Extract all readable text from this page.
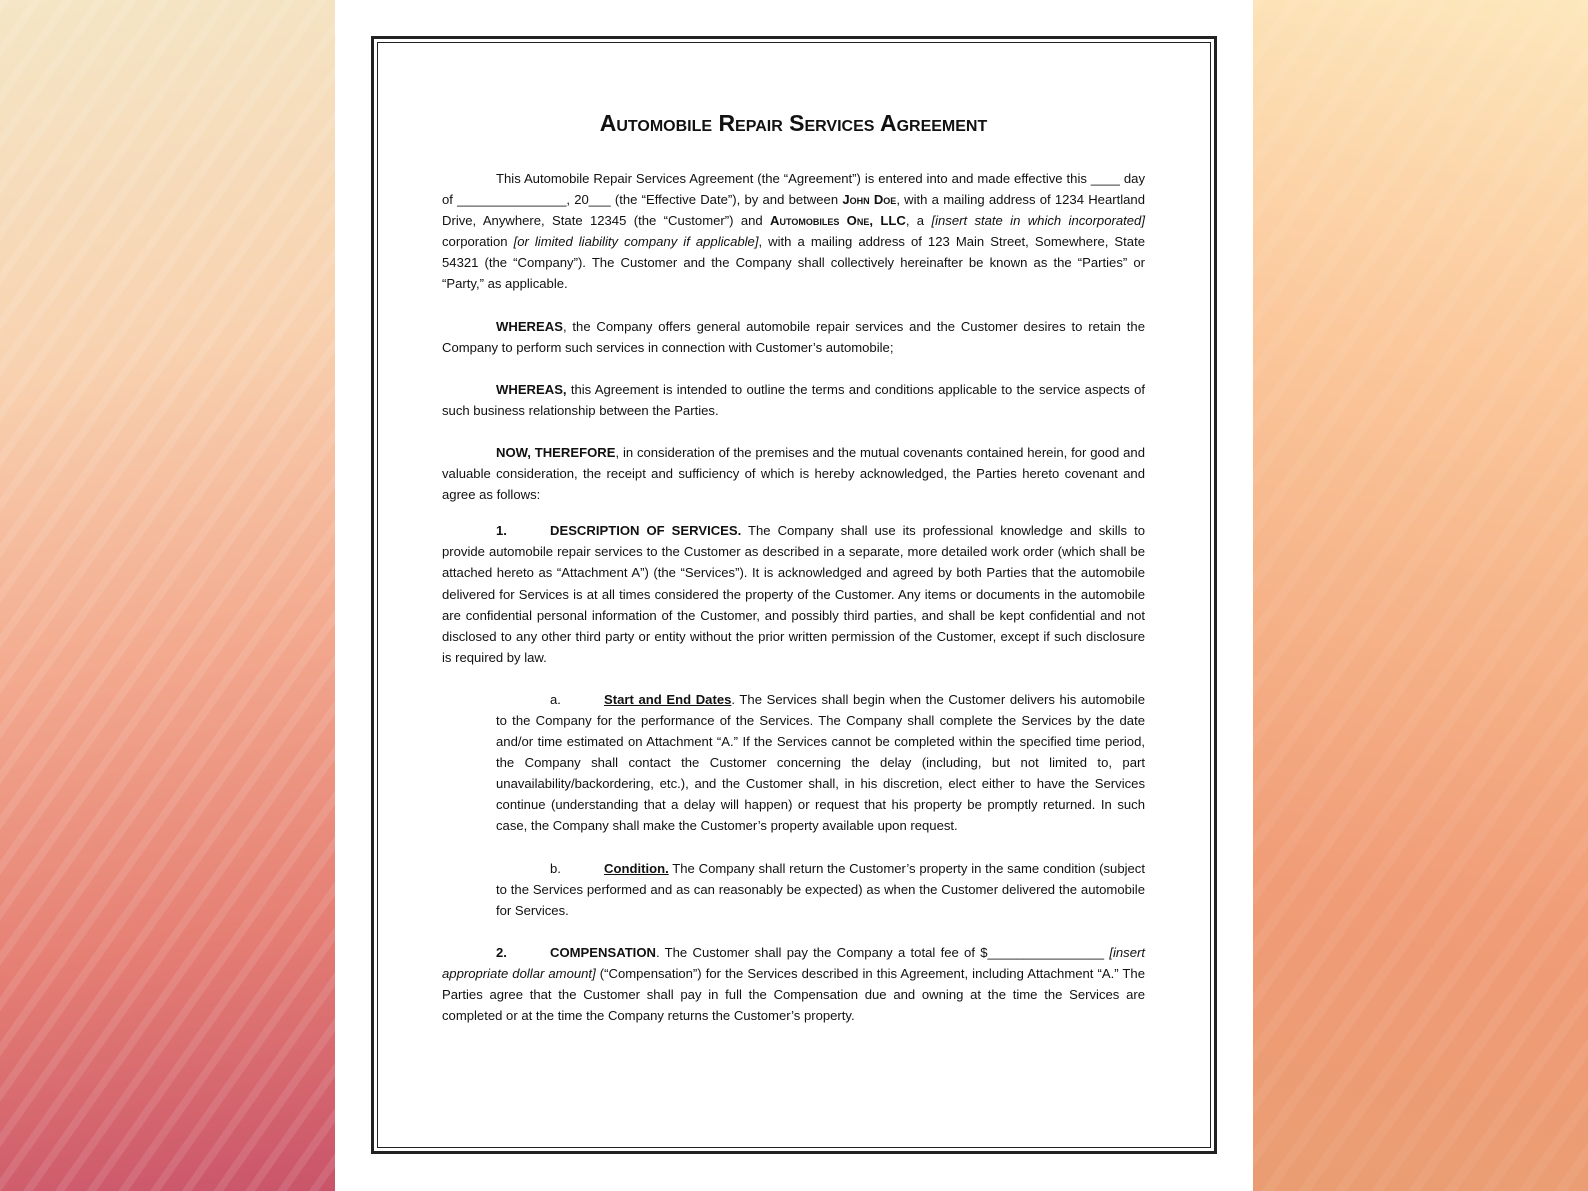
Automobile Repair Services Agreement

This Automobile Repair Services Agreement (the “Agreement”) is entered into and made effective this ____ day of _______________, 20___ (the “Effective Date”), by and between John Doe, with a mailing address of 1234 Heartland Drive, Anywhere, State 12345 (the “Customer”) and Automobiles One, LLC, a [insert state in which incorporated] corporation [or limited liability company if applicable], with a mailing address of 123 Main Street, Somewhere, State 54321 (the “Company”). The Customer and the Company shall collectively hereinafter be known as the “Parties” or “Party,” as applicable.

WHEREAS, the Company offers general automobile repair services and the Customer desires to retain the Company to perform such services in connection with Customer’s automobile;

WHEREAS, this Agreement is intended to outline the terms and conditions applicable to the service aspects of such business relationship between the Parties.

NOW, THEREFORE, in consideration of the premises and the mutual covenants contained herein, for good and valuable consideration, the receipt and sufficiency of which is hereby acknowledged, the Parties hereto covenant and agree as follows:

1.	DESCRIPTION OF SERVICES. The Company shall use its professional knowledge and skills to provide automobile repair services to the Customer as described in a separate, more detailed work order (which shall be attached hereto as “Attachment A”) (the “Services”). It is acknowledged and agreed by both Parties that the automobile delivered for Services is at all times considered the property of the Customer. Any items or documents in the automobile are confidential personal information of the Customer, and possibly third parties, and shall be kept confidential and not disclosed to any other third party or entity without the prior written permission of the Customer, except if such disclosure is required by law.

a.	Start and End Dates. The Services shall begin when the Customer delivers his automobile to the Company for the performance of the Services. The Company shall complete the Services by the date and/or time estimated on Attachment “A.” If the Services cannot be completed within the specified time period, the Company shall contact the Customer concerning the delay (including, but not limited to, part unavailability/backordering, etc.), and the Customer shall, in his discretion, elect either to have the Services continue (understanding that a delay will happen) or request that his property be promptly returned. In such case, the Company shall make the Customer’s property available upon request.

b.	Condition. The Company shall return the Customer’s property in the same condition (subject to the Services performed and as can reasonably be expected) as when the Customer delivered the automobile for Services.

2.	COMPENSATION. The Customer shall pay the Company a total fee of $________________ [insert appropriate dollar amount] (“Compensation”) for the Services described in this Agreement, including Attachment “A.” The Parties agree that the Customer shall pay in full the Compensation due and owning at the time the Services are completed or at the time the Company returns the Customer’s property.
